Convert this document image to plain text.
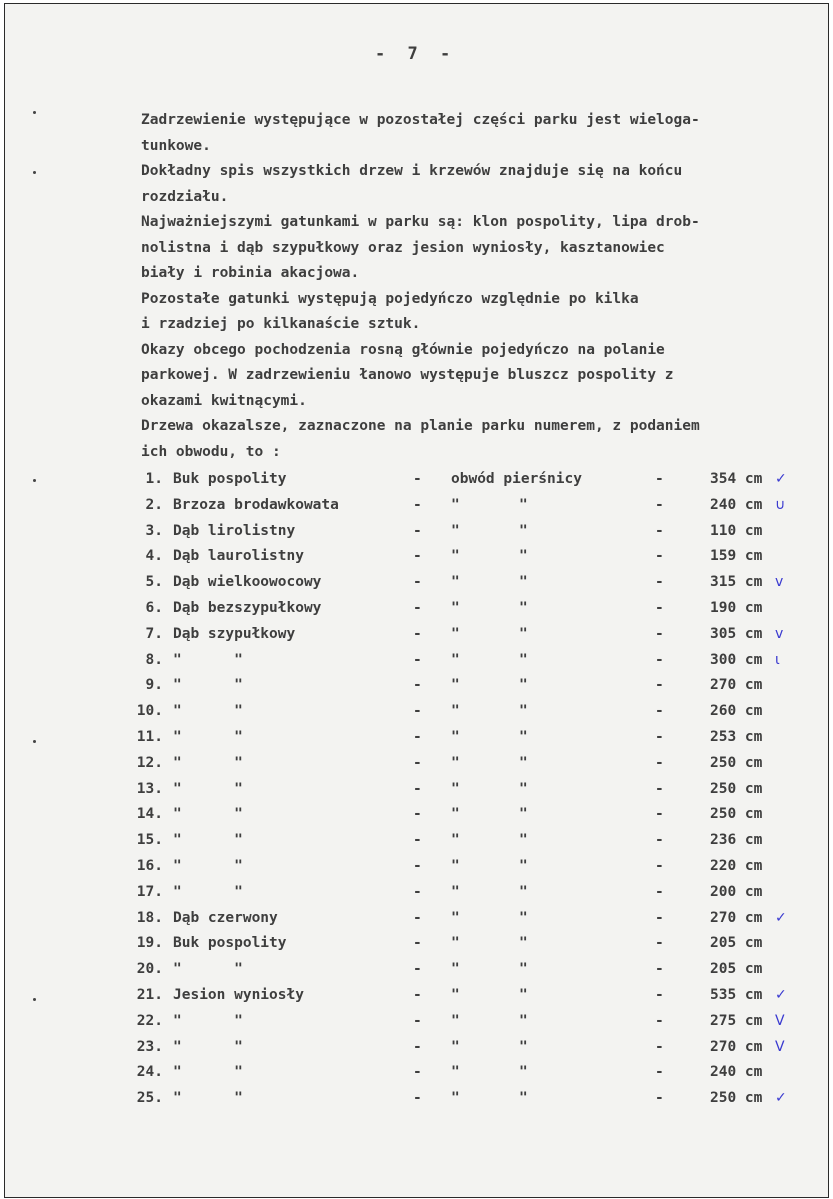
- 7 -

Zadrzewienie występujące w pozostałej części parku jest wieloga-

tunkowe.

Dokładny spis wszystkich drzew i krzewów znajduje się na końcu

rozdziału.

Najważniejszymi gatunkami w parku są: klon pospolity, lipa drob-

nolistna i dąb szypułkowy oraz jesion wyniosły, kasztanowiec

biały i robinia akacjowa.

Pozostałe gatunki występują pojedyńczo względnie po kilka

i rzadziej po kilkanaście sztuk.

Okazy obcego pochodzenia rosną głównie pojedyńczo na polanie

parkowej. W zadrzewieniu łanowo występuje bluszcz pospolity z

okazami kwitnącymi.

Drzewa okazalsze, zaznaczone na planie parku numerem, z podaniem

ich obwodu, to :

1. Buk pospolity	- obwód pierśnicy	-	354 cm ✓
2. Brzoza brodawkowata	- "	"	-	240 cm ∪
3. Dąb lirolistny	- "	"	-	110 cm
4. Dąb laurolistny	- "	"	-	159 cm
5. Dąb wielkoowocowy	- "	"	-	315 cm v
6. Dąb bezszypułkowy	- "	"	-	190 cm
7. Dąb szypułkowy	- "	"	-	305 cm v
8. "      "	- "	"	-	300 cm ι
9. "      "	- "	"	-	270 cm
10. "      "	- "	"	-	260 cm
11. "      "	- "	"	-	253 cm
12. "      "	- "	"	-	250 cm
13. "      "	- "	"	-	250 cm
14. "      "	- "	"	-	250 cm
15. "      "	- "	"	-	236 cm
16. "      "	- "	"	-	220 cm
17. "      "	- "	"	-	200 cm
18. Dąb czerwony	- "	"	-	270 cm ✓
19. Buk pospolity	- "	"	-	205 cm
20. "      "	- "	"	-	205 cm
21. Jesion wyniosły	- "	"	-	535 cm ✓
22. "      "	- "	"	-	275 cm V
23. "      "	- "	"	-	270 cm V
24. "      "	- "	"	-	240 cm
25. "      "	- "	"	-	250 cm ✓
